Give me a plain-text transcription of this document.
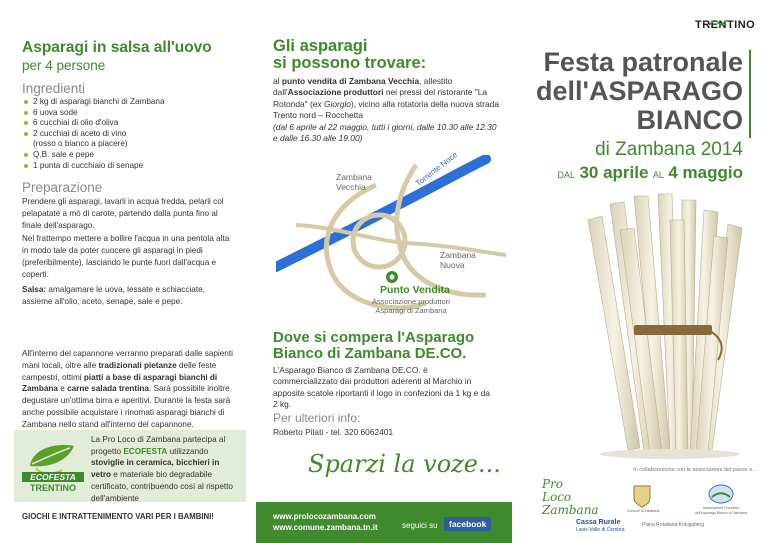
Asparagi in salsa all'uovo
per 4 persone
Ingredienti
2 kg di asparagi bianchi di Zambana
6 uova sode
6 cucchiai di olio d'oliva
2 cucchiai di aceto di vino
(rosso o bianco a piacere)
Q.B. sale e pepe
1 punta di cucchiaio di senape
Preparazione
Prendere gli asparagi, lavarli in acqua fredda, pelarli col pelapatate a mò di carote, partendo dalla punta fino al finale dell'asparago.
Nel frattempo mettere a bollire l'acqua in una pentola alta in modo tale da poter cuocere gli asparagi in piedi (preferibilmente), lasciando le punte fuori dall'acqua e coperti.
Salsa: amalgamare le uova, lessate e schiacciate, assieme all'olio, aceto, senape, sale e pepe.
All'interno del capannone verranno preparati dalle sapienti mani locali, oltre alle tradizionali pietanze delle feste campestri, ottimi piatti a base di asparagi bianchi di Zambana e carne salada trentina. Sarà possibile inoltre degustare un'ottima birra e aperitivi. Durante la festa sarà anche possibile acquistare i rinomati asparagi bianchi di Zambana nello stand all'interno del capannone.
ECOFESTA
TRENTINO
La Pro Loco di Zambana partecipa al progetto ECOFESTA utilizzando stoviglie in ceramica, bicchieri in vetro e materiale bio degradabile certificato, contribuendo così al rispetto dell'ambiente
GIOCHI E INTRATTENIMENTO VARI PER I BAMBINI!
Gli asparagi
si possono trovare:
al punto vendita di Zambana Vecchia, allestito dall'Associazione produttori nei pressi del ristorante "La Rotonda" (ex Giorgio), vicino alla rotatoria della nuova strada Trento nord – Rocchetta
(dal 6 aprile al 22 maggio, tutti i giorni, dalle 10.30 alle 12.30 e dalle 16.30 alle 19.00)
Zambana
Vecchia	Torrente Noce
Zambana
Nuova
Punto Vendita
Associazione produttori
Asparagi di Zambana
Dove si compera l'Asparago
Bianco di Zambana DE.CO.
L'Asparago Bianco di Zambana DE.CO. è commercializzato dai produttori aderenti al Marchio in apposite scatole riportanti il logo in confezioni da 1 kg e da 2 kg.
Per ulteriori info:
Roberto Pilati - tel. 320 6062401
Sparzi la voze...
www.prolocozambana.com
www.comune.zambana.tn.it	seguici su	facebook
TRENTINO
Festa patronale
dell'ASPARAGO
BIANCO
di Zambana 2014
DAL 30 aprile AL 4 maggio
In collaborazione con le associazioni del paese e...
Pro Loco Zambana	Comune di Zambana
Associazione Produttori dell'Asparago Bianco di Zambana
Cassa Rurale
Lavis-Valle di Cembra
Piana Rotaliana Königsberg
